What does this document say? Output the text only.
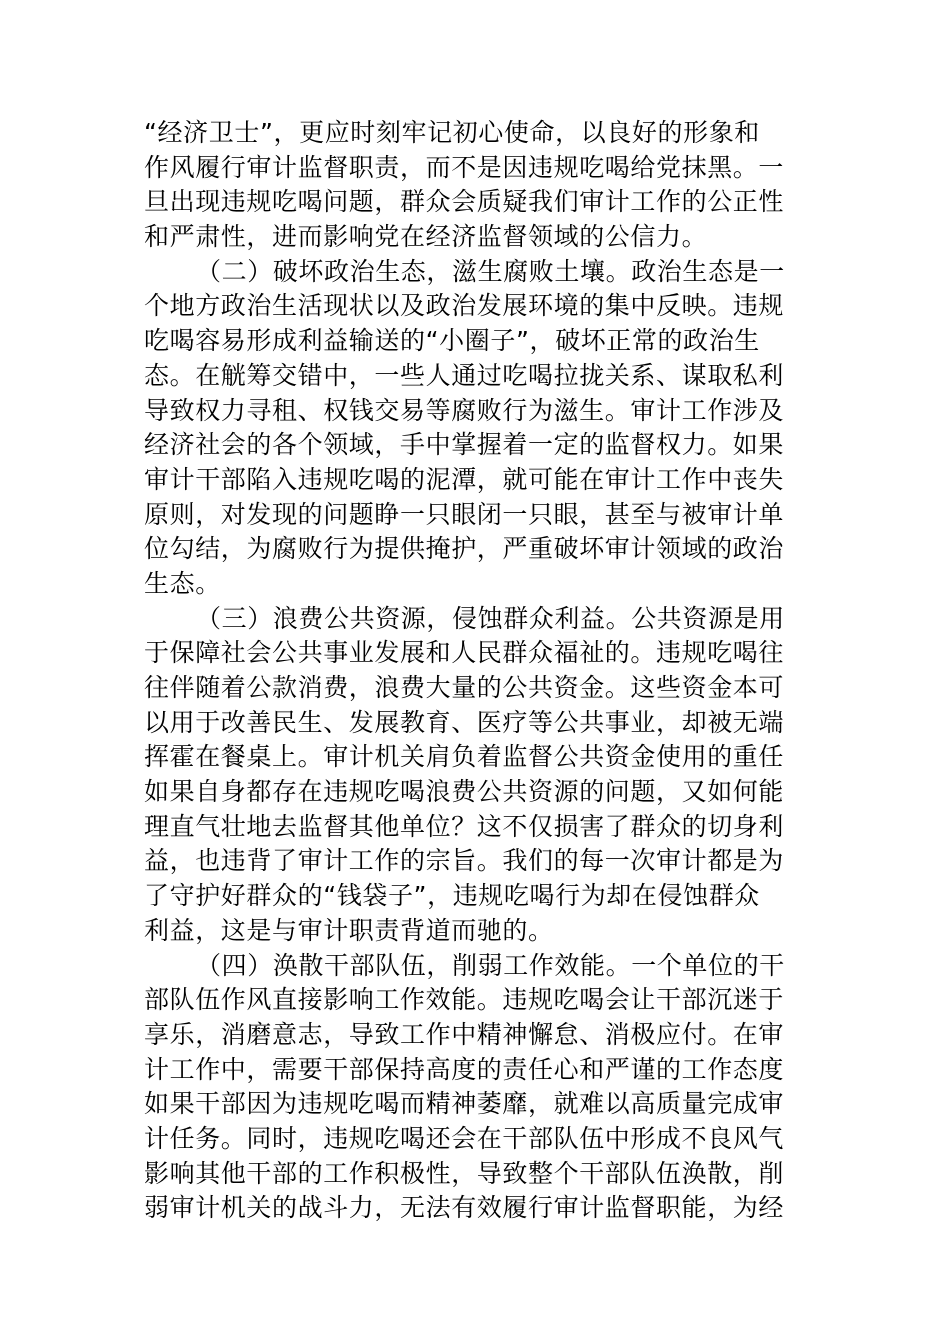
“经济卫士”，更应时刻牢记初心使命，以良好的形象和
作风履行审计监督职责，而不是因违规吃喝给党抹黑。一
旦出现违规吃喝问题，群众会质疑我们审计工作的公正性
和严肃性，进而影响党在经济监督领域的公信力。
（二）破坏政治生态，滋生腐败土壤。政治生态是一
个地方政治生活现状以及政治发展环境的集中反映。违规
吃喝容易形成利益输送的“小圈子”，破坏正常的政治生
态。在觥筹交错中，一些人通过吃喝拉拢关系、谋取私利
导致权力寻租、权钱交易等腐败行为滋生。审计工作涉及
经济社会的各个领域，手中掌握着一定的监督权力。如果
审计干部陷入违规吃喝的泥潭，就可能在审计工作中丧失
原则，对发现的问题睁一只眼闭一只眼，甚至与被审计单
位勾结，为腐败行为提供掩护，严重破坏审计领域的政治
生态。
（三）浪费公共资源，侵蚀群众利益。公共资源是用
于保障社会公共事业发展和人民群众福祉的。违规吃喝往
往伴随着公款消费，浪费大量的公共资金。这些资金本可
以用于改善民生、发展教育、医疗等公共事业，却被无端
挥霍在餐桌上。审计机关肩负着监督公共资金使用的重任
如果自身都存在违规吃喝浪费公共资源的问题，又如何能
理直气壮地去监督其他单位？这不仅损害了群众的切身利
益，也违背了审计工作的宗旨。我们的每一次审计都是为
了守护好群众的“钱袋子”，违规吃喝行为却在侵蚀群众
利益，这是与审计职责背道而驰的。
（四）涣散干部队伍，削弱工作效能。一个单位的干
部队伍作风直接影响工作效能。违规吃喝会让干部沉迷于
享乐，消磨意志，导致工作中精神懈怠、消极应付。在审
计工作中，需要干部保持高度的责任心和严谨的工作态度
如果干部因为违规吃喝而精神萎靡，就难以高质量完成审
计任务。同时，违规吃喝还会在干部队伍中形成不良风气
影响其他干部的工作积极性，导致整个干部队伍涣散，削
弱审计机关的战斗力，无法有效履行审计监督职能，为经
